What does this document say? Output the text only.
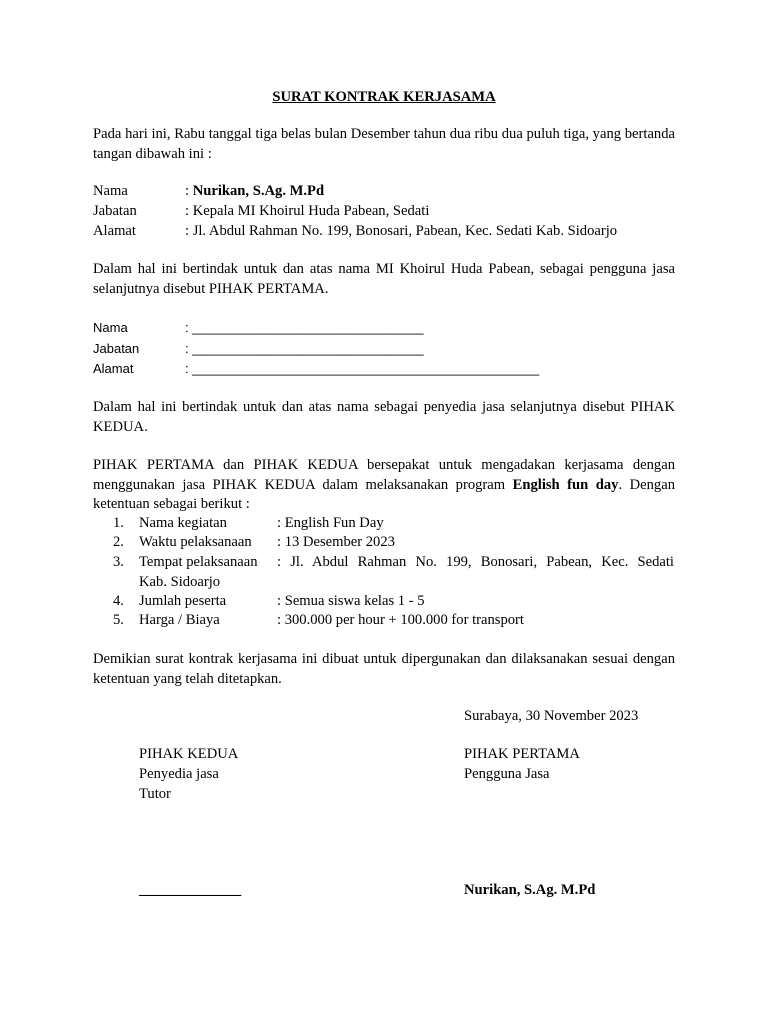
SURAT KONTRAK KERJASAMA

Pada hari ini, Rabu tanggal tiga belas bulan Desember tahun dua ribu dua puluh tiga, yang bertanda tangan dibawah ini :

Nama	: Nurikan, S.Ag. M.Pd
Jabatan	: Kepala MI Khoirul Huda Pabean, Sedati
Alamat	: Jl. Abdul Rahman No. 199, Bonosari, Pabean, Kec. Sedati Kab. Sidoarjo

Dalam hal ini bertindak untuk dan atas nama MI Khoirul Huda Pabean, sebagai pengguna jasa selanjutnya disebut PIHAK PERTAMA.

Nama	: ________________________________
Jabatan	: ________________________________
Alamat	: ________________________________________________

Dalam hal ini bertindak untuk dan atas nama sebagai penyedia jasa selanjutnya disebut PIHAK KEDUA.

PIHAK PERTAMA dan PIHAK KEDUA bersepakat untuk mengadakan kerjasama dengan menggunakan jasa PIHAK KEDUA dalam melaksanakan program English fun day. Dengan ketentuan sebagai berikut :

1.	Nama kegiatan	: English Fun Day
2.	Waktu pelaksanaan : 13 Desember 2023
3.	Tempat pelaksanaan : Jl. Abdul Rahman No. 199, Bonosari, Pabean, Kec. Sedati
Kab. Sidoarjo
4.	Jumlah peserta	: Semua siswa kelas 1 - 5
5.	Harga / Biaya	: 300.000 per hour + 100.000 for transport

Demikian surat kontrak kerjasama ini dibuat untuk dipergunakan dan dilaksanakan sesuai dengan ketentuan yang telah ditetapkan.

Surabaya, 30 November 2023
PIHAK KEDUA
Penyedia jasa
Tutor
______________
PIHAK PERTAMA
Pengguna Jasa
Nurikan, S.Ag. M.Pd
